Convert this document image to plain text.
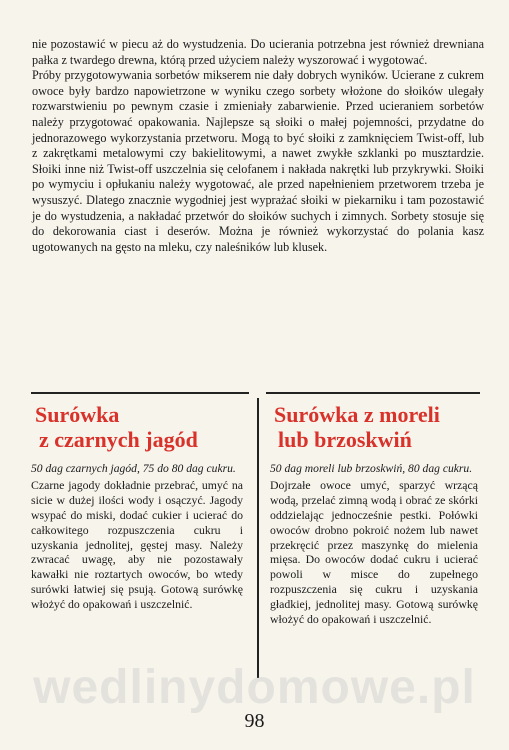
nie pozostawić w piecu aż do wystudzenia. Do ucierania potrzebna jest również drewniana pałka z twardego drewna, którą przed użyciem należy wyszorować i wygotować.

Próby przygotowywania sorbetów mikserem nie dały dobrych wyników. Ucierane z cukrem owoce były bardzo napowietrzone w wyniku czego sorbety włożone do słoików ulegały rozwarstwieniu po pewnym czasie i zmieniały zabarwienie. Przed ucieraniem sorbetów należy przygotować opakowania. Najlepsze są słoiki o małej pojemności, przydatne do jednorazowego wykorzystania przetworu. Mogą to być słoiki z zamknięciem Twist-off, lub z zakrętkami metalowymi czy bakielitowymi, a nawet zwykłe szklanki po musztardzie. Słoiki inne niż Twist-off uszczelnia się celofanem i nakłada nakrętki lub przykrywki. Słoiki po wymyciu i opłukaniu należy wygotować, ale przed napełnieniem przetworem trzeba je wysuszyć. Dlatego znacznie wygodniej jest wyprażać słoiki w piekarniku i tam pozostawić je do wystudzenia, a nakładać przetwór do słoików suchych i zimnych. Sorbety stosuje się do dekorowania ciast i deserów. Można je również wykorzystać do polania kasz ugotowanych na gęsto na mleku, czy naleśników lub klusek.

Surówka
z czarnych jagód

50 dag czarnych jagód, 75 do 80 dag cukru.

Czarne jagody dokładnie przebrać, umyć na sicie w dużej ilości wody i osączyć. Jagody wsypać do miski, dodać cukier i ucierać do całkowitego rozpuszczenia cukru i uzyskania jednolitej, gęstej masy. Należy zwracać uwagę, aby nie pozostawały kawałki nie roztartych owoców, bo wtedy surówki łatwiej się psują. Gotową surówkę włożyć do opakowań i uszczelnić.

Surówka z moreli
lub brzoskwiń

50 dag moreli lub brzoskwiń, 80 dag cukru.

Dojrzałe owoce umyć, sparzyć wrzącą wodą, przelać zimną wodą i obrać ze skórki oddzielając jednocześnie pestki. Połówki owoców drobno pokroić nożem lub nawet przekręcić przez maszynkę do mielenia mięsa. Do owoców dodać cukru i ucierać powoli w misce do zupełnego rozpuszczenia się cukru i uzyskania gładkiej, jednolitej masy. Gotową surówkę włożyć do opakowań i uszczelnić.

wedlinydomowe.pl
98
